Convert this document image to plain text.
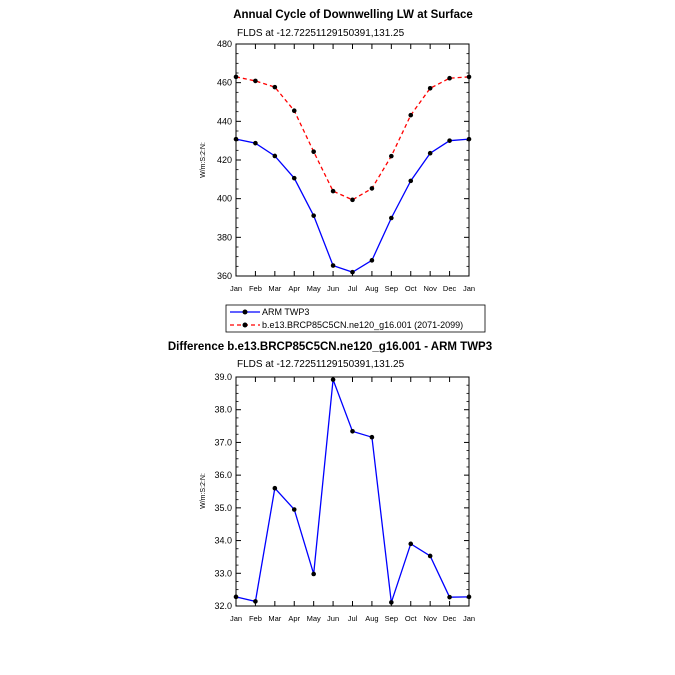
Annual Cycle of Downwelling LW at Surface
FLDS at -12.72251129150391,131.25
W/m:S:2:N:
360
380
400
420
440
460
480
Jan Feb Mar Apr May Jun Jul Aug Sep Oct Nov Dec Jan
ARM TWP3
b.e13.BRCP85C5CN.ne120_g16.001 (2071-2099)
Difference b.e13.BRCP85C5CN.ne120_g16.001 - ARM TWP3
FLDS at -12.72251129150391,131.25
W/m:S:2:N:
32.0
33.0
34.0
35.0
36.0
37.0
38.0
39.0
Jan Feb Mar Apr May Jun Jul Aug Sep Oct Nov Dec Jan
